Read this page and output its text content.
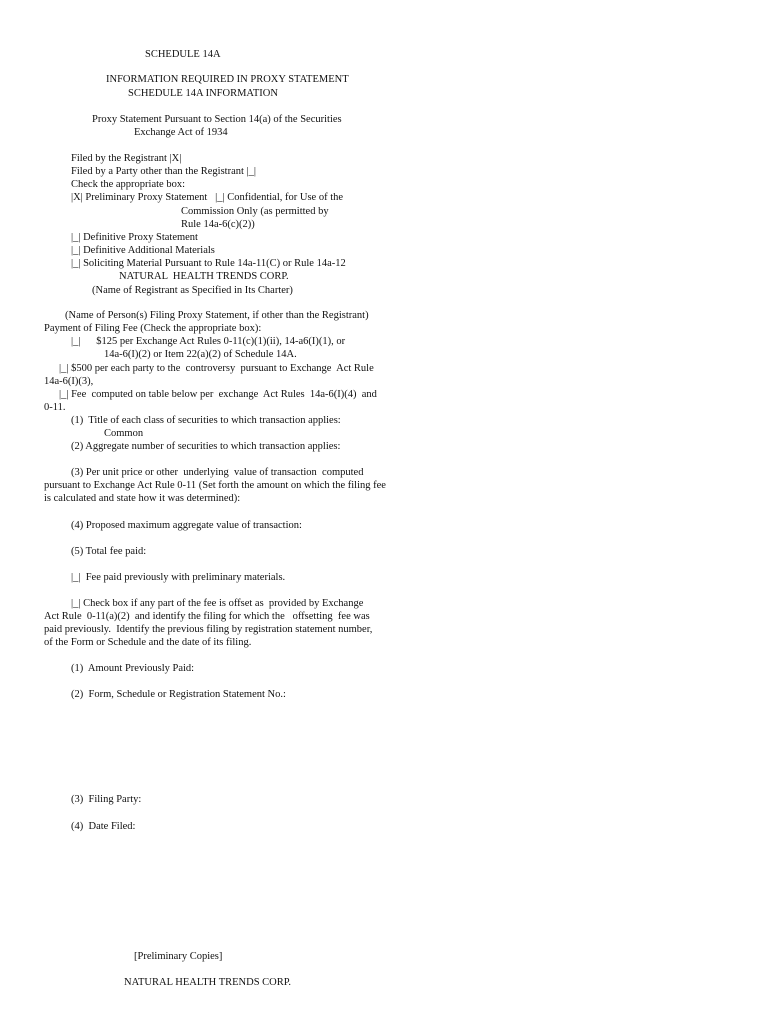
SCHEDULE 14A
INFORMATION REQUIRED IN PROXY STATEMENT
SCHEDULE 14A INFORMATION
Proxy Statement Pursuant to Section 14(a) of the Securities
Exchange Act of 1934
Filed by the Registrant |X|
Filed by a Party other than the Registrant |_|
Check the appropriate box:
|X| Preliminary Proxy Statement   |_| Confidential, for Use of the
Commission Only (as permitted by
Rule 14a-6(c)(2))
|_| Definitive Proxy Statement
|_| Definitive Additional Materials
|_| Soliciting Material Pursuant to Rule 14a-11(C) or Rule 14a-12
NATURAL  HEALTH TRENDS CORP.
(Name of Registrant as Specified in Its Charter)
(Name of Person(s) Filing Proxy Statement, if other than the Registrant)
Payment of Filing Fee (Check the appropriate box):
|_|      $125 per Exchange Act Rules 0-11(c)(1)(ii), 14-a6(I)(1), or
14a-6(I)(2) or Item 22(a)(2) of Schedule 14A.
|_| $500 per each party to the  controversy  pursuant to Exchange  Act Rule
14a-6(I)(3),
|_| Fee  computed on table below per  exchange  Act Rules  14a-6(I)(4)  and
0-11.
(1)  Title of each class of securities to which transaction applies:
Common
(2) Aggregate number of securities to which transaction applies:
(3) Per unit price or other  underlying  value of transaction  computed
pursuant to Exchange Act Rule 0-11 (Set forth the amount on which the filing fee
is calculated and state how it was determined):
(4) Proposed maximum aggregate value of transaction:
(5) Total fee paid:
|_|  Fee paid previously with preliminary materials.
|_| Check box if any part of the fee is offset as  provided by Exchange
Act Rule  0-11(a)(2)  and identify the filing for which the   offsetting  fee was
paid previously.  Identify the previous filing by registration statement number,
of the Form or Schedule and the date of its filing.
(1)  Amount Previously Paid:
(2)  Form, Schedule or Registration Statement No.:
(3)  Filing Party:
(4)  Date Filed:
[Preliminary Copies]
NATURAL HEALTH TRENDS CORP.
